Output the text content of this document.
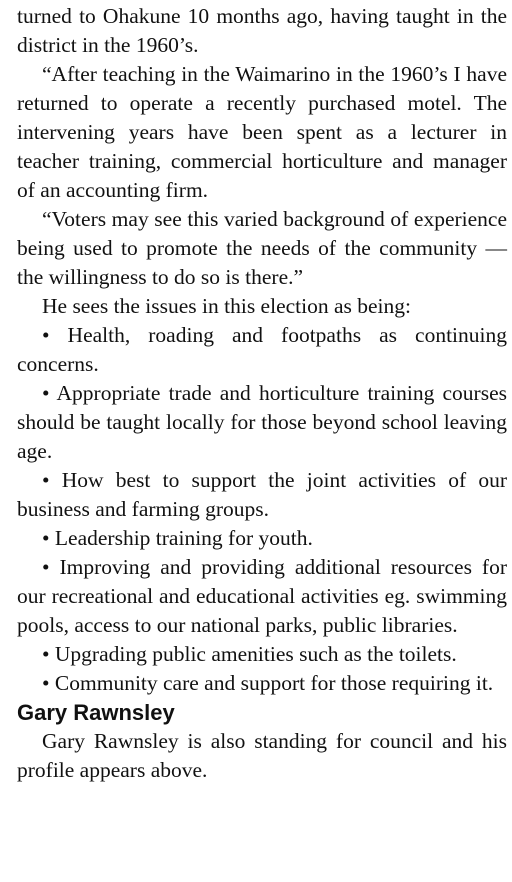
turned to Ohakune 10 months ago, having taught in the district in the 1960’s.

“After teaching in the Waimarino in the 1960’s I have returned to operate a recently purchased motel. The intervening years have been spent as a lecturer in teacher training, commercial horticulture and manager of an accounting firm.

“Voters may see this varied background of experience being used to promote the needs of the community — the willingness to do so is there.”

He sees the issues in this election as being:

• Health, roading and footpaths as continuing concerns.

• Appropriate trade and horticulture training courses should be taught locally for those beyond school leaving age.

• How best to support the joint activities of our business and farming groups.

• Leadership training for youth.

• Improving and providing additional resources for our recreational and educational activities eg. swimming pools, access to our national parks, public libraries.

• Upgrading public amenities such as the toilets.

• Community care and support for those requiring it.

Gary Rawnsley

Gary Rawnsley is also standing for council and his profile appears above.
